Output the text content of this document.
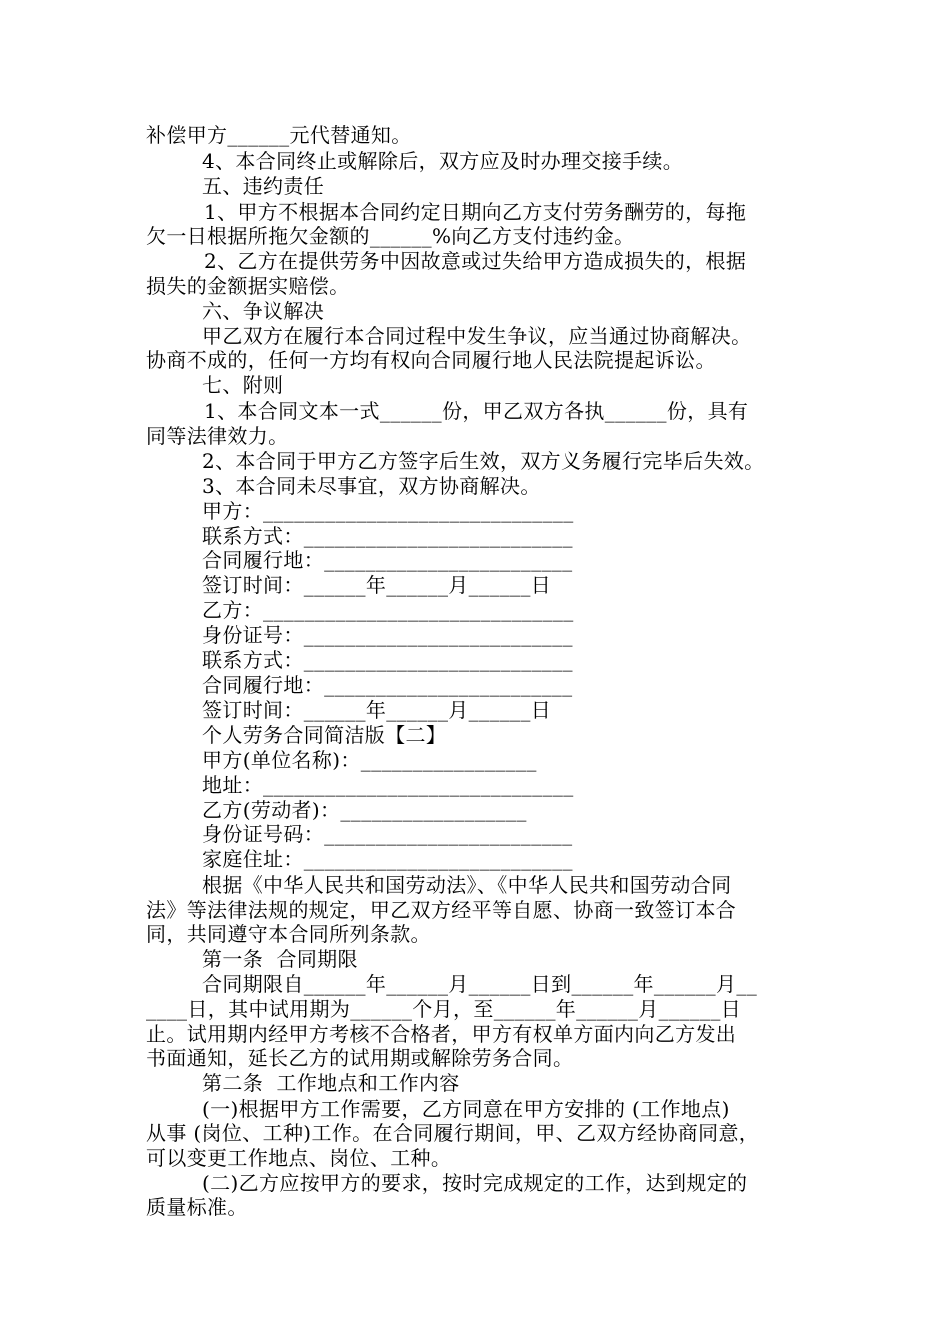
补偿甲方______元代替通知。
4、本合同终止或解除后，双方应及时办理交接手续。
五、违约责任
1、甲方不根据本合同约定日期向乙方支付劳务酬劳的，每拖
欠一日根据所拖欠金额的______%向乙方支付违约金。
2、乙方在提供劳务中因故意或过失给甲方造成损失的，根据
损失的金额据实赔偿。
六、争议解决
甲乙双方在履行本合同过程中发生争议，应当通过协商解决。
协商不成的，任何一方均有权向合同履行地人民法院提起诉讼。
七、附则
1、本合同文本一式______份，甲乙双方各执______份，具有
同等法律效力。
2、本合同于甲方乙方签字后生效，双方义务履行完毕后失效。
3、本合同未尽事宜，双方协商解决。
甲方：______________________________
联系方式：__________________________
合同履行地：________________________
签订时间：______年______月______日
乙方：______________________________
身份证号：__________________________
联系方式：__________________________
合同履行地：________________________
签订时间：______年______月______日
个人劳务合同简洁版【二】
甲方(单位名称)：_________________
地址：______________________________
乙方(劳动者)：__________________
身份证号码：________________________
家庭住址：__________________________
根据《中华人民共和国劳动法》、《中华人民共和国劳动合同
法》等法律法规的规定，甲乙双方经平等自愿、协商一致签订本合
同，共同遵守本合同所列条款。
第一条  合同期限
合同期限自______年______月______日到______年______月__
____日，其中试用期为______个月，至______年______月______日
止。试用期内经甲方考核不合格者，甲方有权单方面内向乙方发出
书面通知，延长乙方的试用期或解除劳务合同。
第二条  工作地点和工作内容
(一)根据甲方工作需要，乙方同意在甲方安排的 (工作地点)
从事 (岗位、工种)工作。在合同履行期间，甲、乙双方经协商同意，
可以变更工作地点、岗位、工种。
(二)乙方应按甲方的要求，按时完成规定的工作，达到规定的
质量标准。
